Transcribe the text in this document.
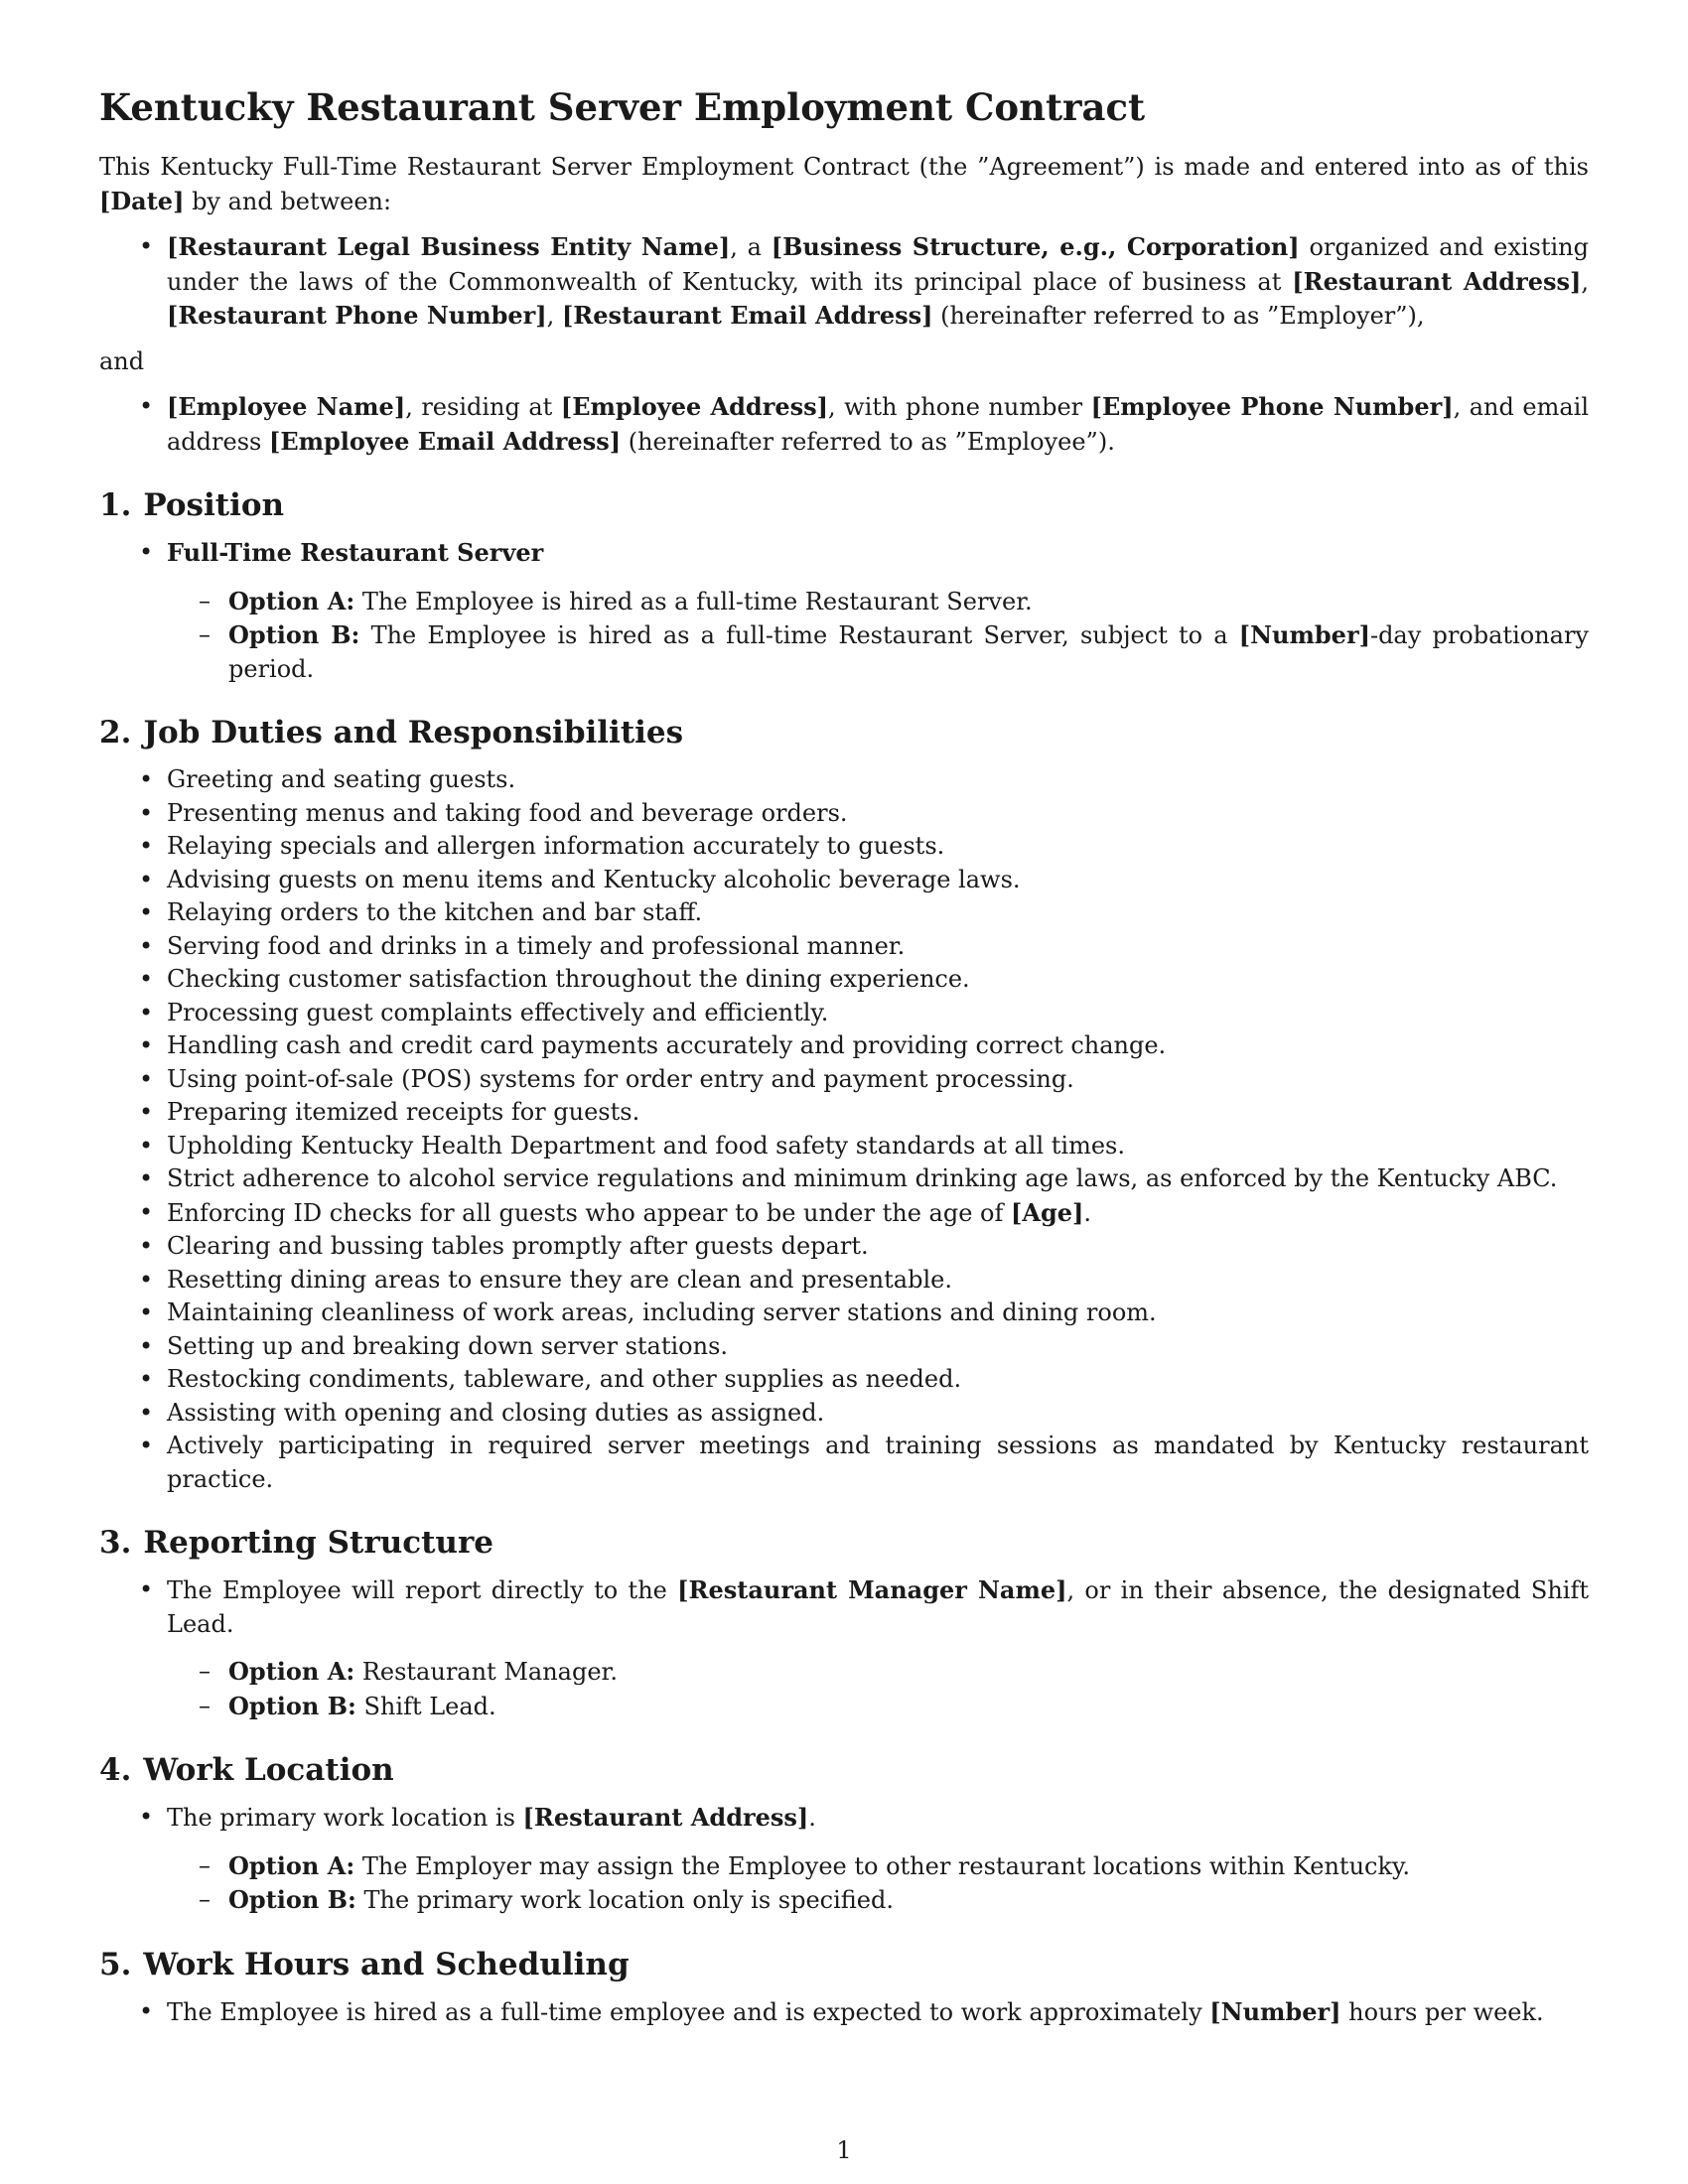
Kentucky Restaurant Server Employment Contract

This Kentucky Full-Time Restaurant Server Employment Contract (the ”Agreement”) is made and entered into as of this [Date] by and between:

• [Restaurant Legal Business Entity Name], a [Business Structure, e.g., Corporation] organized and existing under the laws of the Commonwealth of Kentucky, with its principal place of business at [Restaurant Address], [Restaurant Phone Number], [Restaurant Email Address] (hereinafter referred to as ”Employer”),

and

• [Employee Name], residing at [Employee Address], with phone number [Employee Phone Number], and email address [Employee Email Address] (hereinafter referred to as ”Employee”).
1. Position
• Full-Time Restaurant Server
– Option A: The Employee is hired as a full-time Restaurant Server.
– Option B: The Employee is hired as a full-time Restaurant Server, subject to a [Number]-day probationary period.
2. Job Duties and Responsibilities
• Greeting and seating guests.
• Presenting menus and taking food and beverage orders.
• Relaying specials and allergen information accurately to guests.
• Advising guests on menu items and Kentucky alcoholic beverage laws.
• Relaying orders to the kitchen and bar staff.
• Serving food and drinks in a timely and professional manner.
• Checking customer satisfaction throughout the dining experience.
• Processing guest complaints effectively and efficiently.
• Handling cash and credit card payments accurately and providing correct change.
• Using point-of-sale (POS) systems for order entry and payment processing.
• Preparing itemized receipts for guests.
• Upholding Kentucky Health Department and food safety standards at all times.
• Strict adherence to alcohol service regulations and minimum drinking age laws, as enforced by the Kentucky ABC.
• Enforcing ID checks for all guests who appear to be under the age of [Age].
• Clearing and bussing tables promptly after guests depart.
• Resetting dining areas to ensure they are clean and presentable.
• Maintaining cleanliness of work areas, including server stations and dining room.
• Setting up and breaking down server stations.
• Restocking condiments, tableware, and other supplies as needed.
• Assisting with opening and closing duties as assigned.
• Actively participating in required server meetings and training sessions as mandated by Kentucky restaurant practice.
3. Reporting Structure
• The Employee will report directly to the [Restaurant Manager Name], or in their absence, the designated Shift Lead.
– Option A: Restaurant Manager.
– Option B: Shift Lead.
4. Work Location
• The primary work location is [Restaurant Address].
– Option A: The Employer may assign the Employee to other restaurant locations within Kentucky.
– Option B: The primary work location only is specified.
5. Work Hours and Scheduling
• The Employee is hired as a full-time employee and is expected to work approximately [Number] hours per week.
1
